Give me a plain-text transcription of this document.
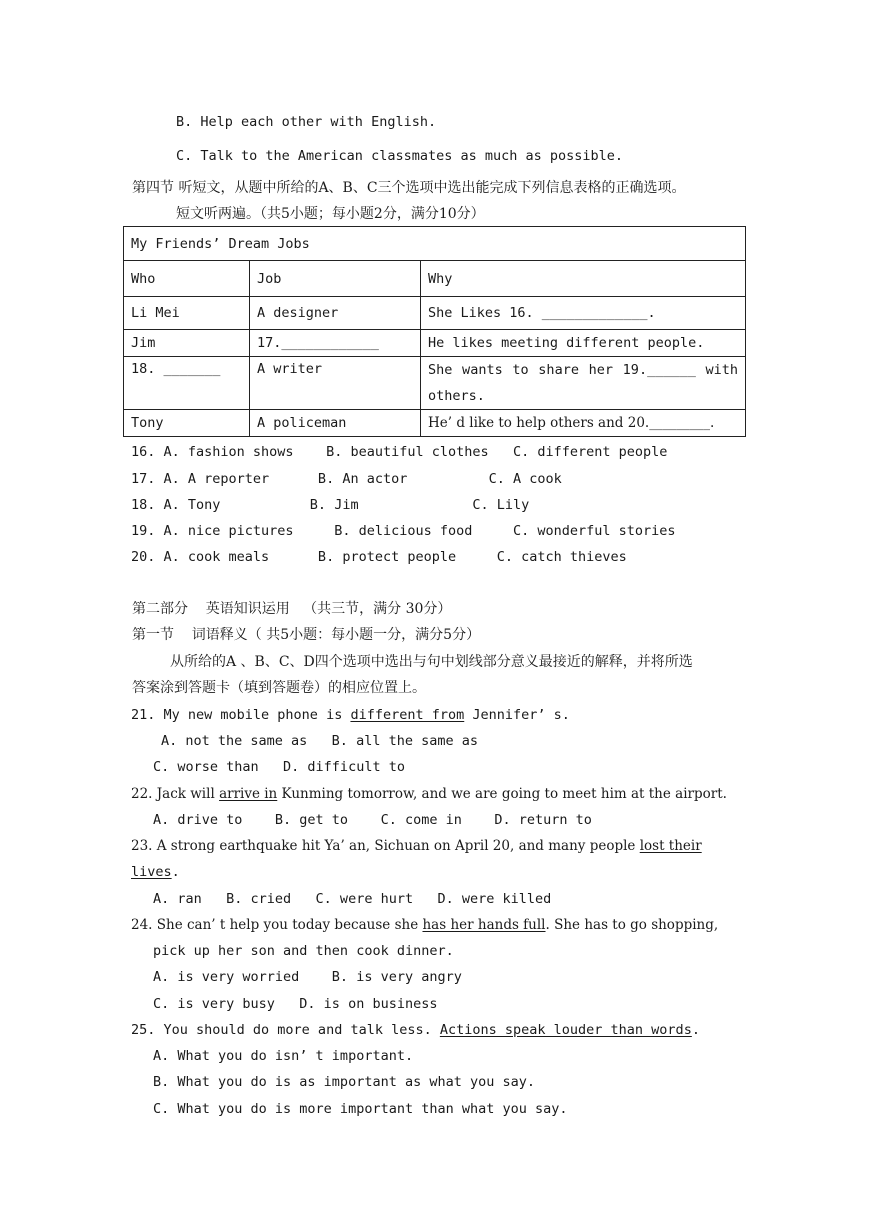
B. Help each other with English.
C. Talk to the American classmates as much as possible.
第四节 听短文，从题中所给的A、B、C三个选项中选出能完成下列信息表格的正确选项。
短文听两遍。（共5小题；每小题2分，满分10分）
My Friends’ Dream Jobs		
Who	Job	Why
Li Mei	A designer	She Likes 16. _____________.
Jim	17.____________	He likes meeting different people.
18. _______	A writer	She wants to share her 19.______ with others.
Tony	A policeman	He’ d like to help others and 20._________.
16. A. fashion shows    B. beautiful clothes   C. different people
17. A. A reporter      B. An actor          C. A cook
18. A. Tony           B. Jim              C. Lily
19. A. nice pictures     B. delicious food     C. wonderful stories
20. A. cook meals      B. protect people     C. catch thieves
第二部分    英语知识运用   （共三节，满分 30分）
第一节    词语释义（ 共5小题：每小题一分，满分5分）
从所给的A 、B、C、D四个选项中选出与句中划线部分意义最接近的解释，并将所选
答案涂到答题卡（填到答题卷）的相应位置上。
21. My new mobile phone is different from Jennifer’ s.
A. not the same as   B. all the same as
C. worse than   D. difficult to
22. Jack will arrive in Kunming tomorrow, and we are going to meet him at the airport.
A. drive to    B. get to    C. come in    D. return to
23. A strong earthquake hit Ya’ an, Sichuan on April 20, and many people lost their
lives.
A. ran   B. cried   C. were hurt   D. were killed
24. She can’ t help you today because she has her hands full. She has to go shopping,
pick up her son and then cook dinner.
A. is very worried    B. is very angry
C. is very busy   D. is on business
25. You should do more and talk less. Actions speak louder than words.
A. What you do isn’ t important.
B. What you do is as important as what you say.
C. What you do is more important than what you say.
